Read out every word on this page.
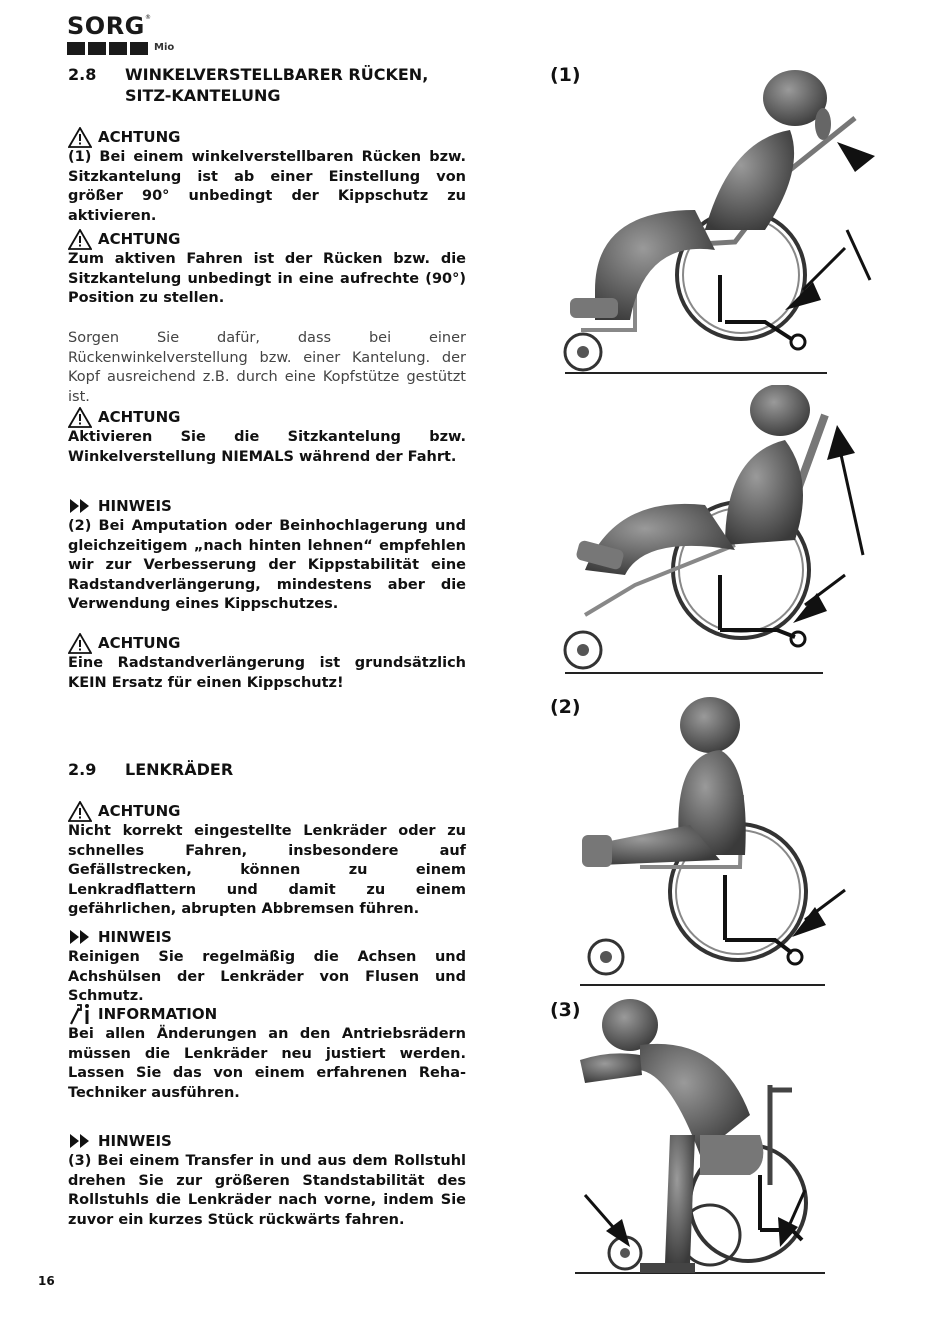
SORG ®
Mio
2.8 WINKELVERSTELLBARER RÜCKEN, SITZ-KANTELUNG
ACHTUNG
(1) Bei einem winkelverstellbaren Rücken bzw. Sitzkantelung ist ab einer Einstellung von größer 90° unbedingt der Kippschutz zu aktivieren.
ACHTUNG
Zum aktiven Fahren ist der Rücken bzw. die Sitzkantelung unbedingt in eine aufrechte (90°) Position zu stellen.
Sorgen Sie dafür, dass bei einer Rückenwinkelverstellung bzw. einer Kantelung. der Kopf ausreichend z.B. durch eine Kopfstütze gestützt ist.
ACHTUNG
Aktivieren Sie die Sitzkantelung bzw. Winkelverstellung NIEMALS während der Fahrt.
HINWEIS
(2) Bei Amputation oder Beinhochlagerung und gleichzeitigem „nach hinten lehnen“ empfehlen wir zur Verbesserung der Kippstabilität eine Radstandverlängerung, mindestens aber die Verwendung eines Kippschutzes.
ACHTUNG
Eine Radstandverlängerung ist grundsätzlich KEIN Ersatz für einen Kippschutz!
2.9 LENKRÄDER
ACHTUNG
Nicht korrekt eingestellte Lenkräder oder zu schnelles Fahren, insbesondere auf Gefällstrecken, können zu einem Lenkradflattern und damit zu einem gefährlichen, abrupten Abbremsen führen.
HINWEIS
Reinigen Sie regelmäßig die Achsen und Achshülsen der Lenkräder von Flusen und Schmutz.
INFORMATION
Bei allen Änderungen an den Antriebsrädern müssen die Lenkräder neu justiert werden. Lassen Sie das von einem erfahrenen Reha-Techniker ausführen.
HINWEIS
(3) Bei einem Transfer in und aus dem Rollstuhl drehen Sie zur größeren Standstabilität des Rollstuhls die Lenkräder nach vorne, indem Sie zuvor ein kurzes Stück rückwärts fahren.
(1)
(2)
(3)
16
